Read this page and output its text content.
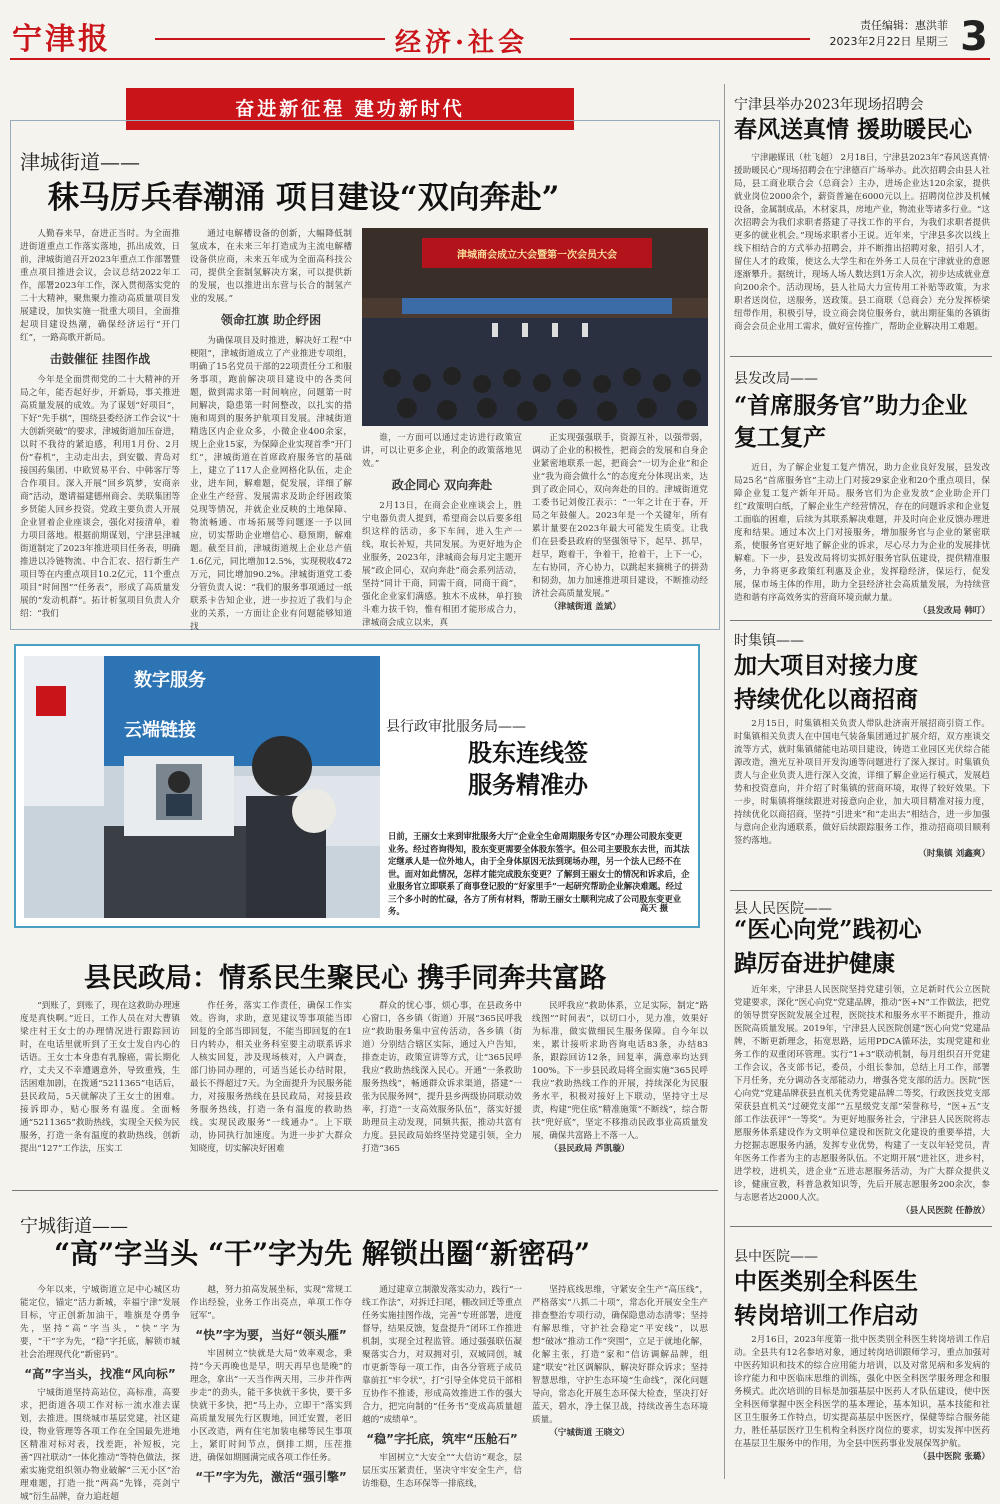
宁津报	经济·社会
责任编辑：惠洪菲
2023年2月22日 星期三 3
奋进新征程 建功新时代
津城街道——
秣马厉兵春潮涌 项目建设“双向奔赴”

人勤春来早，奋进正当时。为全面推进街道重点工作落实落地，抓出成效，日前，津城街道召开2023年重点工作部署暨重点项目推进会议，会议总结2022年工作，部署2023年工作，深入贯彻落实党的二十大精神，聚焦聚力推动高质量项目发展建设，加快实施一批重大项目，全面推起项目建设热潮，确保经济运行“开门红”，一路高歌开新局。

击鼓催征 挂图作战

今年是全面贯彻党的二十大精神的开局之年，能否起好步，开新局，事关推进高质量发展的成效。为了谋划“好项目”，下好“先手棋”，围绕县委经济工作会议“十大创新突破”的要求，津城街道加压奋进，以时不我待的紧迫感，利用1月份、2月份“春机”，主动走出去，到安徽、青岛对接国药集团、中欧贸易平台、中韩客厅等合作项目。深入开展“回乡筑梦，安商亲商”活动，邀请福建德州商会、美联集团等乡贤能人回乡投资。党政主要负责人开展企业冒着企业座谈会，强化对接清单，着力项目落地。根据前期谋划，宁津县津城街道制定了2023年推进项目任务表，明确推进以冷链物流、中合汇农、招行新生产项目等在内重点项目10.2亿元，11个重点项目“时间图”“任务表”，形成了高质量发展的“发动机群”。拓计析氢项目负责人介绍：“我们

通过电解槽设备的创新，大幅降低制氢成本，在未来三年打造成为主流电解槽设备供应商，未来五年成为全面高科技公司，提供全套制氢解决方案，可以提供新的发展，也以推进出东营与长合的制氢产业的发展。”

领命扛旗 助企纾困

为确保项目及时推进，解决好工程“中梗阻”，津城街道成立了产业推进专项组，明确了15名党员干部的22项责任分工和服务事项，跑前解决项目建设中的各类问题，做到需求第一时间响应，问题第一时间解决，隐患第一时间整改，以扎实的措施和周到的服务护航项目发展。津城街道精选区内企业众多，小微企业400余家，规上企业15家，为保障企业实现首季“开门红”，津城街道在首席政府服务官的基础上，建立了117人企业网格化队伍，走企业，进车间，解难题，促发展，详细了解企业生产经营、发展需求及助企纾困政策兑现等情况，并就企业反映的土地保障、物流畅通、市场拓展等问题逐一予以回应，切实帮助企业增信心、稳预期，解难题。截至目前，津城街道规上企业总产值1.6亿元，同比增加12.5%，实现税收472万元，同比增加90.2%。津城街道党工委分管负责人说：“我们的服务事项通过一纸联系卡告知企业，进一步拉近了我们与企业的关系，一方面让企业有问题能够知道找

津城商会成立大会暨第一次会员大会

谁，一方面可以通过走访进行政策宣讲，可以让更多企业，利企的政策落地见效。”

政企同心 双向奔赴

2月13日，在商会企业座谈会上，胜宁电器负责人提到，希望商会以后要多组织这样的活动，多下车间，进入生产一线，取长补短，共同发展。为更好地为企业服务，2023年，津城商会每月定主题开展“政企同心，双向奔赴”商会系列活动，坚持“同计干商，同需干商，同商干商”，强化企业家们满感。独木不成林，单打独斗难力拔千钧，惟有相团才能形成合力，津城商会成立以来，真

正实现强强联手，资源互补，以强带弱，调动了企业的积极性，把商会的发展和自身企业紧密地联系一起，把商会“一切为企业”和企业“我为商会做什么”的态度充分体现出来，达到了政企同心，双向奔赴的目的。津城街道党工委书记刘俊江表示：“一年之计在于春，开局之年鼓催人。2023年是一个关键年，所有累计量要在2023年最大可能发生质变。让我们在县委县政府的坚强领导下，起早、抓早，赶早，跑着干，争着干，抢着干，上下一心，左右协同，齐心协力，以跳起来摘桃子的拼劲和韧劲，加力加速推进项目建设，不断推动经济社会高质量发展。”

（津城街道 盖斌）

数字服务
云端链接	县行政审批服务局——
股东连线签
服务精准办
日前，王丽女士来到审批服务大厅“企业全生命周期服务专区”办理公司股东变更业务。经过咨询得知，股东变更需要全体股东签字。但公司主要股东去世，而其法定继承人是一位外地人，由于全身体原因无法到现场办理，另一个法人已经不在世。面对如此情况，怎样才能完成股东变更？了解到王丽女士的情况和诉求后，企业服务官立即联系了商事登记股的“好家里手”一起研究帮助企业解决难题。经过三个多小时的忙碌，各方了所有材料，帮助王丽女士顺利完成了公司股东变更业务。	高天 摄
县民政局：情系民生聚民心 携手同奔共富路

“到账了，到账了，现在这救助办理速度是真快啊。”近日，工作人员在对大曹镇梁庄村王女士的办理情况进行跟踪回访时，在电话里就听到了王女士发自内心的话语。王女士本身患有乳腺癌，需长期化疗，丈夫又不幸遭遇意外，导致重残，生活困难加剧，在拨通“5211365”电话后，县民政局，5天就解决了王女士的困难。接诉即办，贴心服务有温度。全面畅通“5211365”救助热线，实现全天候为民服务，打造一条有温度的救助热线，创新提出“127”工作法，压实工

作任务，落实工作责任，确保工作实效。咨询，求助，意见建议等事项能当即回复的全部当即回复，不能当即回复的在1日内转办，相关业务科室要主动联系诉求人核实回复，涉及现场核对，入户调查，部门协同办理的，可适当延长办结时限，最长不得超过7天。为全面提升为民服务能力，对接服务热线在县民政局，对接县政务服务热线，打造一条有温度的救助热线。实现民政服务“一线通办”。上下联动，协同执行加速度。为进一步扩大群众知晓度，切实解决好困难

群众的忧心事，烦心事，在县政务中心窗口，各乡镇（街道）开展“365民呼我应”救助服务集中宣传活动，各乡镇（街道）分别结合辖区实际，通过入户告知，排查走访，政策宣讲等方式，让“365民呼我应”救助热线深入民心。开通“一条救助服务热线”，畅通群众诉求渠道，搭建“一张为民服务网”，提升县乡两级协同联动效率，打造“一支高效服务队伍”，落实好援助理员主动发现，同频共振，推动共富有力度。县民政局始终坚持党建引领，全力打造“365

民呼我应”救助体系，立足实际，制定“路线图”“时间表”，以切口小，见力准，效果好为标准，做实做细民生服务保障。自今年以来，累计接听求助咨询电话83条，办结83条，跟踪回访12条，回复率，满意率均达到100%。下一步县民政局将全面实施“365民呼我应”救助热线工作的开展，持续深化为民服务水平，积极对接好上下联动，坚持守土尽责，构建“兜住底”精准施策“不断线”，综合帮扶“兜好底”，坚定不移推动民政事业高质量发展，确保共富路上不落一人。

（县民政局 芦凯璇）

宁城街道——
“高”字当头 “干”字为先 解锁出圈“新密码”

今年以来，宁城街道立足中心城区功能定位，锚定“活力新城，幸福宁津”发展目标，守正创新加油干，唯旗是夺勇争先，坚持“高”字当头，“快”字为要，“干”字为先，“稳”字托底，解锁市城社会治理现代化“新密码”。

“高”字当头，找准“风向标”

宁城街道坚持高站位，高标准，高要求，把街道各项工作对标一流水准去谋划，去推进。围绕城市基层党建，社区建设，物业管理等各项工作在全国最先进地区精准对标对表，找差距，补短板，完善“四社联动”一体化推动“等特色做法，探索实施党组织领办物业破解“三无小区”治理难题，打造一批“两高”先锋，亮剑宁城”衍生品牌，奋力追赶超

越，努力拍高发展坐标，实现“常规工作出经验，业务工作出亮点，单项工作夺冠军”。

“快”字为要，当好“领头雁”

牢固树立“快就是大局”效率观念，秉持“今天再晚也是早，明天再早也是晚”的理念，拿出“一天当作两天用，三步并作两步走”的劲头，能干多快就干多快，要干多快就干多快，把“马上办，立即干”落实到高质量发展先行区腹地，回迁安置，老旧小区改造，两有住宅加装电梯等民生事项上，紧盯时间节点，倒排工期，压茬推进，确保如期圆满完成各项工作任务。

“干”字为先，激活“强引擎”

通过建章立制激发落实动力，践行“一线工作法”，对拆迁扫尾，棚改回迁等重点任务实施挂图作战，完善“专班部署，进度督导，结果反馈，复盘提升”闭环工作推进机制，实现全过程监管。通过强强联伍凝聚落实合力，对双拥对引，双城同创，城市更新等每一项工作，由各分管班子成员靠前扛“牢令状”，打“引导全体党员干部相互协作不推诿，形成高效推进工作的强大合力，把完向制的“任务书”变成高质量超越的“成绩单”。

“稳”字托底，筑牢“压舱石”

牢固树立“大安全”“大信访”观念，层层压实压紧责任，坚决守牢安全生产，信访维稳，生态环保等一排底线，

坚持底线思维，守紧安全生产“高压线”，严格落实“八抓二十项”，常态化开展安全生产排查整治专项行动，确保隐患动态清零；坚持有解思维，守护社会稳定“平安线”，以思想“破冰”推动工作“突围”，立足于就地化解，化解主张，打造“家和”信访调解品牌，组建“联安”社区调解队，解决好群众诉求；坚持智慧思维，守护生态环境“生命线”，深化问题导向，常态化开展生态环保大检查，坚决打好蓝天，碧水，净土保卫战，持续改善生态环境质量。

（宁城街道 王晓文）

宁津县举办2023年现场招聘会
春风送真情 援助暖民心

宁津融媒讯（杜飞超） 2月18日，宁津县2023年“春风送真情·援助暖民心”现场招聘会在宁津德百广场举办。此次招聘会由县人社局，县工商业联合会（总商会）主办，进场企业达120余家，提供就业岗位2000余个，薪资普遍在6000元以上。招聘岗位涉及机械设备，金属制成品，木材家具，房地产业，物流业等诸多行业。“这次招聘会为我们求职者搭建了寻找工作的平台，为我们求职者提供更多的就业机会。”现场求职者小王说。近年来，宁津县多次以线上线下相结合的方式举办招聘会，并不断推出招聘对象，招引人才，留住人才的政策，使这么大学生和在外务工人员在宁津就业的意愿逐渐攀升。据统计，现场人场人数达到1万余人次，初步达成就业意向200余个。活动现场，县人社局大力宣传用工补贴等政策，为求职者送岗位，送服务，送政策。县工商联（总商会）充分发挥桥梁纽带作用，积极引导，设立商会岗位服务台，就出期征集的各镇街商会会员企业用工需求，做好宣传推广，帮助企业解决用工难题。

县发改局——
“首席服务官”助力企业
复工复产

近日，为了解企业复工复产情况，助力企业良好发展，县发改局25名“首席服务官”主动上门对接29家企业和20个重点项目，保障企业复工复产新年开局。服务官们为企业发放“企业助企开门红”政策明白纸，了解企业生产经营情况，存在的问题诉求和企业复工面临的困难，后续为其联系解决难题，并及时向企业反馈办理进度和结果。通过本次上门对接服务，增加服务官与企业的紧密联系，使服务官更好地了解企业的诉求，尽心尽力为企业的发展排忧解难。下一步，县发改局将切实抓好服务官队伍建设，提供精准服务，力争将更多政策红利惠及企业，发挥稳经济，保运行，促发展，保市场主体的作用，助力全县经济社会高质量发展，为持续营造和谐有序高效务实的营商环境贡献力量。

（县发改局 韩叮）

时集镇——
加大项目对接力度
持续优化以商招商

2月15日，时集镇相关负责人带队赴济南开展招商引资工作。时集镇相关负责人在中国电气装备集团通过扩展介绍，双方座谈交流等方式，就时集镇储能电站项目建设，铸造工业园区光伏综合能源改造，渔光互补项目开发沟通等问题进行了深入探讨。时集镇负责人与企业负责人进行深入交流，详细了解企业运行模式，发展趋势和投资意向，并介绍了时集镇的营商环境，取得了较好效果。下一步，时集镇将继续跟进对接意向企业，加大项目精准对接力度，持续优化以商招商，坚持“引进来”和“走出去”相结合，进一步加强与意向企业沟通联系，做好后续跟踪服务工作，推动招商项目顺利签约落地。

（时集镇 刘鑫爽）

县人民医院——
“医心向党”践初心
踔厉奋进护健康

近年来，宁津县人民医院坚持党建引领，立足新时代公立医院党建要求，深化“医心向党”党建品牌，推动“医+N”工作做法，把党的领导贯穿医院发展全过程，医院技术和服务水平不断提升，推动医院高质量发展。2019年，宁津县人民医院创建“医心向党”党建品牌，不断更新理念，拓宽思路，运用PDCA循环法，实现党建和业务工作的双重闭环管理。实行“1+3”联动机制，每月组织召开党建工作会议，各支部书记，委员，小组长参加，总结上月工作，部署下月任务，充分调动各支部能动力，增强各党支部的活力。医院“医心向党”党建品牌获县直机关优秀党建品牌二等奖，行政医技党支部荣获县直机关“过硬党支部”“五星级党支部”荣誉称号，“医+五”支部工作法获评“一等奖”。为更好地服务社会，宁津县人民医院将志愿服务体系建设作为文明单位建设和医院文化建设的重要举措，大力挖掘志愿服务内涵，发挥专业优势，构建了一支以年轻党员，青年医务工作者为主的志愿服务队伍。不定期开展“进社区，进乡村，进学校，进机关，进企业”五进志愿服务活动，为广大群众提供义诊，健康宣教，科普急救知识等，先后开展志愿服务200余次，参与志愿者达2000人次。

（县人民医院 任静放）

县中医院——
中医类别全科医生
转岗培训工作启动

2月16日，2023年度第一批中医类别全科医生转岗培训工作启动。全县共有12名参培对象，通过转岗培训跟师学习，重点加强对中医药知识和技术的综合应用能力培训，以及对常见病和多发病的诊疗能力和中医临床思维的训练，强化中医全科医学服务理念和服务模式。此次培训的目标是加强基层中医药人才队伍建设，使中医全科医师掌握中医全科医学的基本理论，基本知识，基本技能和社区卫生服务工作特点，切实提高基层中医医疗，保健等综合服务能力，胜任基层医疗卫生机构全科医疗岗位的要求，切实发挥中医药在基层卫生服务中的作用，为全县中医药事业发展保驾护航。

（县中医院 张璐）
